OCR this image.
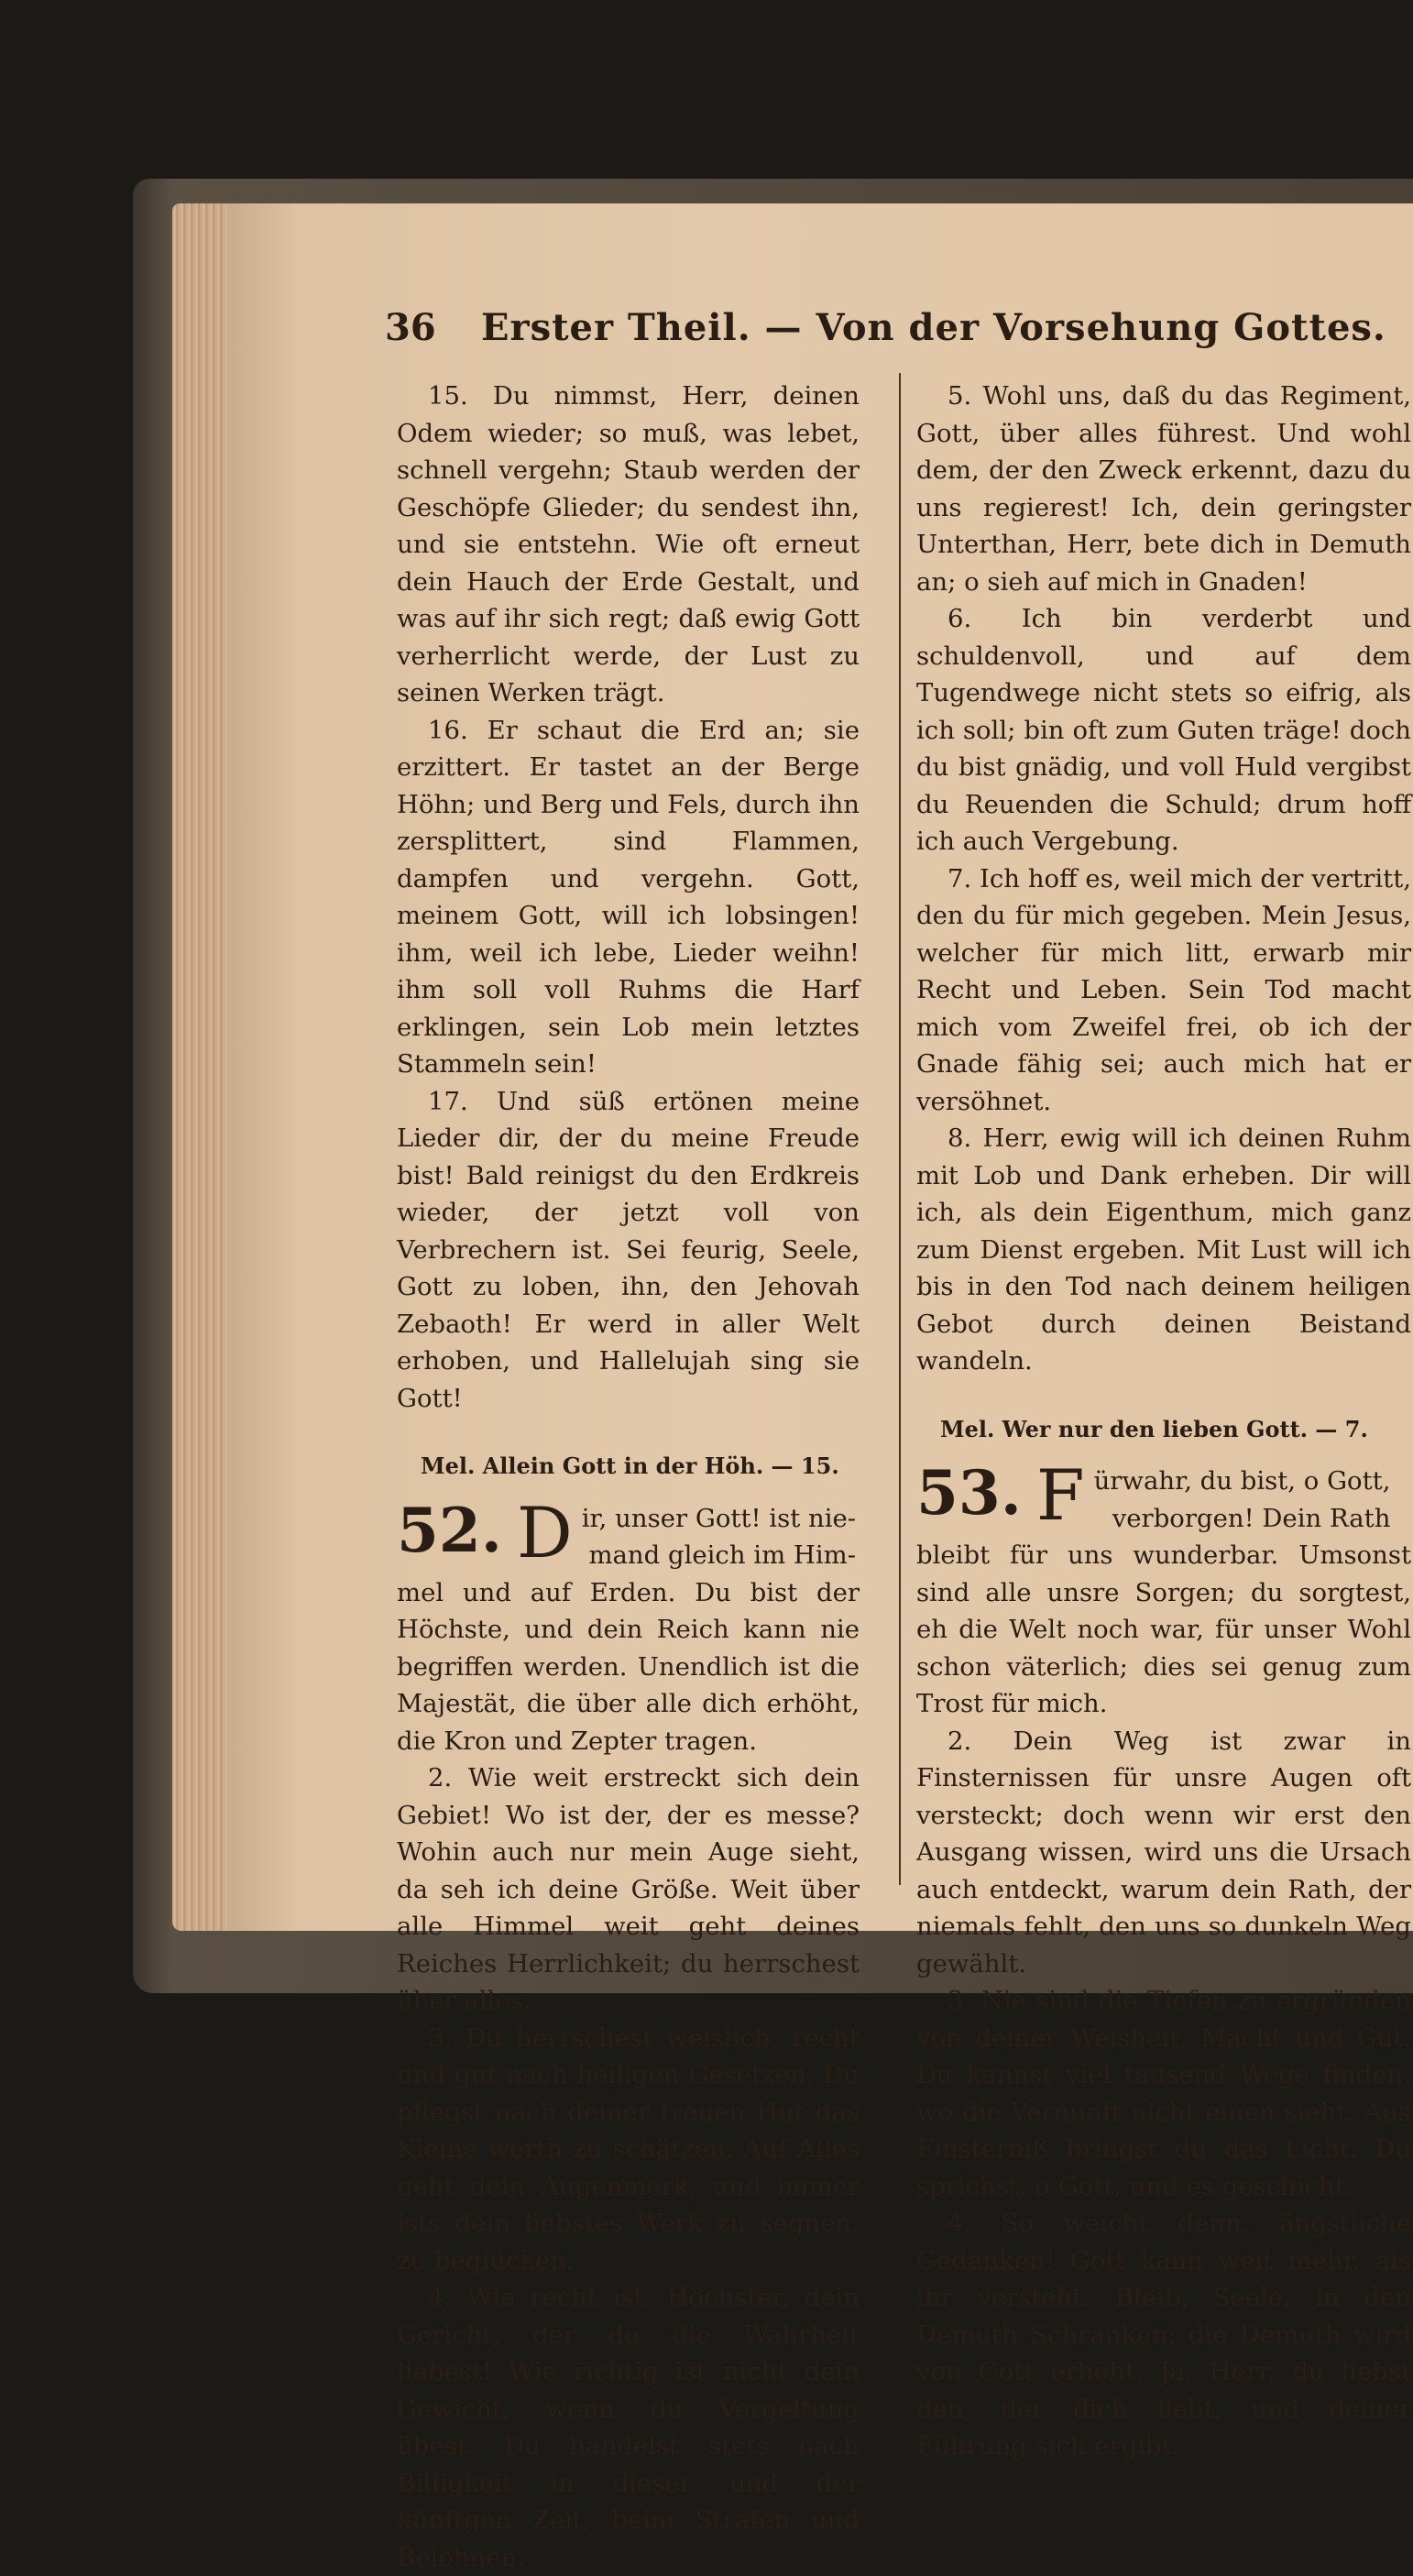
36 Erster Theil. — Von der Vorsehung Gottes.

15. Du nimmst, Herr, deinen Odem wieder; so muß, was lebet, schnell vergehn; Staub werden der Geschöpfe Glieder; du sendest ihn, und sie entstehn. Wie oft erneut dein Hauch der Erde Gestalt, und was auf ihr sich regt; daß ewig Gott verherrlicht werde, der Lust zu seinen Werken trägt.

16. Er schaut die Erd an; sie erzittert. Er tastet an der Berge Höhn; und Berg und Fels, durch ihn zersplittert, sind Flammen, dampfen und vergehn. Gott, meinem Gott, will ich lobsingen! ihm, weil ich lebe, Lieder weihn! ihm soll voll Ruhms die Harf erklingen, sein Lob mein letztes Stammeln sein!

17. Und süß ertönen meine Lieder dir, der du meine Freude bist! Bald reinigst du den Erdkreis wieder, der jetzt voll von Verbrechern ist. Sei feurig, Seele, Gott zu loben, ihn, den Jehovah Zebaoth! Er werd in aller Welt erhoben, und Hallelujah sing sie Gott!

Mel. Allein Gott in der Höh. — 15.
52. D ir, unser Gott! ist nie-
mand gleich im Him-

mel und auf Erden. Du bist der Höchste, und dein Reich kann nie begriffen werden. Unendlich ist die Majestät, die über alle dich erhöht, die Kron und Zepter tragen.

2. Wie weit erstreckt sich dein Gebiet! Wo ist der, der es messe? Wohin auch nur mein Auge sieht, da seh ich deine Größe. Weit über alle Himmel weit geht deines Reiches Herrlichkeit; du herrschest über alles.

3. Du herrschest weislich, recht und gut nach heiligen Gesetzen. Du pflegst nach deiner treuen Hut das Kleine werth zu schätzen. Auf Alles geht dein Augenmerk, und immer ists dein liebstes Werk zu segnen, zu beglücken.

4. Wie recht ist, Höchster, dein Gericht, der du die Wahrheit liebest! Wie richtig ist nicht dein Gewicht, wenn du Vergeltung übest. Du handelst stets nach Billigkeit in dieser und der künftgen Zeit, beim Strafen und Belohnen.

5. Wohl uns, daß du das Regiment, Gott, über alles führest. Und wohl dem, der den Zweck erkennt, dazu du uns regierest! Ich, dein geringster Unterthan, Herr, bete dich in Demuth an; o sieh auf mich in Gnaden!

6. Ich bin verderbt und schuldenvoll, und auf dem Tugendwege nicht stets so eifrig, als ich soll; bin oft zum Guten träge! doch du bist gnädig, und voll Huld vergibst du Reuenden die Schuld; drum hoff ich auch Vergebung.

7. Ich hoff es, weil mich der vertritt, den du für mich gegeben. Mein Jesus, welcher für mich litt, erwarb mir Recht und Leben. Sein Tod macht mich vom Zweifel frei, ob ich der Gnade fähig sei; auch mich hat er versöhnet.

8. Herr, ewig will ich deinen Ruhm mit Lob und Dank erheben. Dir will ich, als dein Eigenthum, mich ganz zum Dienst ergeben. Mit Lust will ich bis in den Tod nach deinem heiligen Gebot durch deinen Beistand wandeln.

Mel. Wer nur den lieben Gott. — 7.
53. F ürwahr, du bist, o Gott,
verborgen! Dein Rath

bleibt für uns wunderbar. Umsonst sind alle unsre Sorgen; du sorgtest, eh die Welt noch war, für unser Wohl schon väterlich; dies sei genug zum Trost für mich.

2. Dein Weg ist zwar in Finsternissen für unsre Augen oft versteckt; doch wenn wir erst den Ausgang wissen, wird uns die Ursach auch entdeckt, warum dein Rath, der niemals fehlt, den uns so dunkeln Weg gewählt.

3. Nie sind die Tiefen zu ergründen von deiner Weisheit, Macht und Güt. Du kannst viel tausend Wege finden, wo die Vernunft nicht einen sieht. Aus Finsterniß bringst du das Licht. Du sprichst, o Gott, und es geschicht.

4. So weicht denn, ängstliche Gedanken! Gott kann weit mehr, als ihr versteht. Bleib, Seele, in den Demuth Schranken; die Demuth wird von Gott erhöht. Ja, Herr, du liebst den, der dich liebt, und deiner Führung sich ergibt.
